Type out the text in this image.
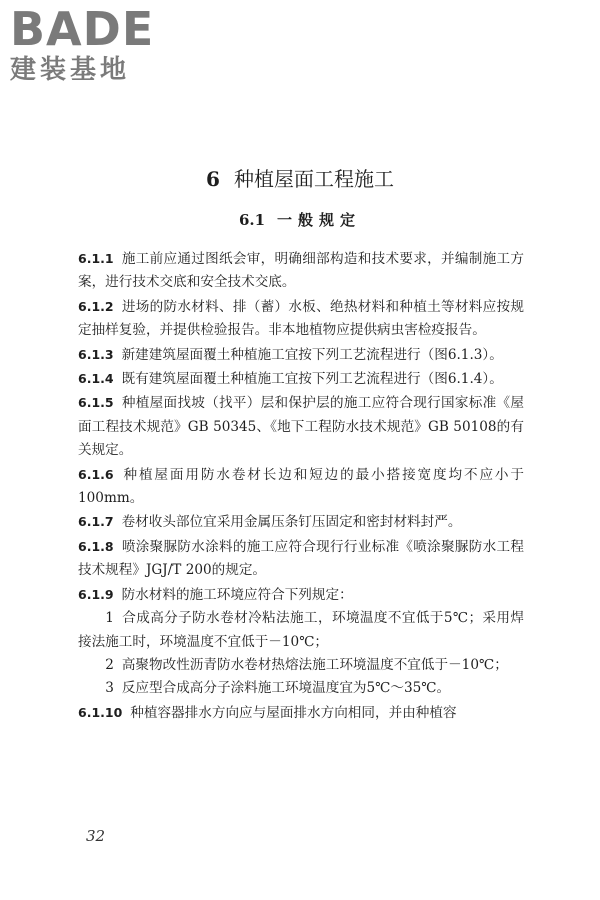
BADE
建装基地
6 种植屋面工程施工
6.1 一般规定

6.1.1 施工前应通过图纸会审，明确细部构造和技术要求，并编制施工方案，进行技术交底和安全技术交底。

6.1.2 进场的防水材料、排（蓄）水板、绝热材料和种植土等材料应按规定抽样复验，并提供检验报告。非本地植物应提供病虫害检疫报告。

6.1.3 新建建筑屋面覆土种植施工宜按下列工艺流程进行（图6.1.3）。

6.1.4 既有建筑屋面覆土种植施工宜按下列工艺流程进行（图6.1.4）。

6.1.5 种植屋面找坡（找平）层和保护层的施工应符合现行国家标准《屋面工程技术规范》GB 50345、《地下工程防水技术规范》GB 50108的有关规定。

6.1.6 种植屋面用防水卷材长边和短边的最小搭接宽度均不应小于100mm。

6.1.7 卷材收头部位宜采用金属压条钉压固定和密封材料封严。

6.1.8 喷涂聚脲防水涂料的施工应符合现行行业标准《喷涂聚脲防水工程技术规程》JGJ/T 200的规定。

6.1.9 防水材料的施工环境应符合下列规定：

1 合成高分子防水卷材冷粘法施工，环境温度不宜低于5℃；采用焊接法施工时，环境温度不宜低于－10℃；

2 高聚物改性沥青防水卷材热熔法施工环境温度不宜低于－10℃；

3 反应型合成高分子涂料施工环境温度宜为5℃～35℃。

6.1.10 种植容器排水方向应与屋面排水方向相同，并由种植容

32
